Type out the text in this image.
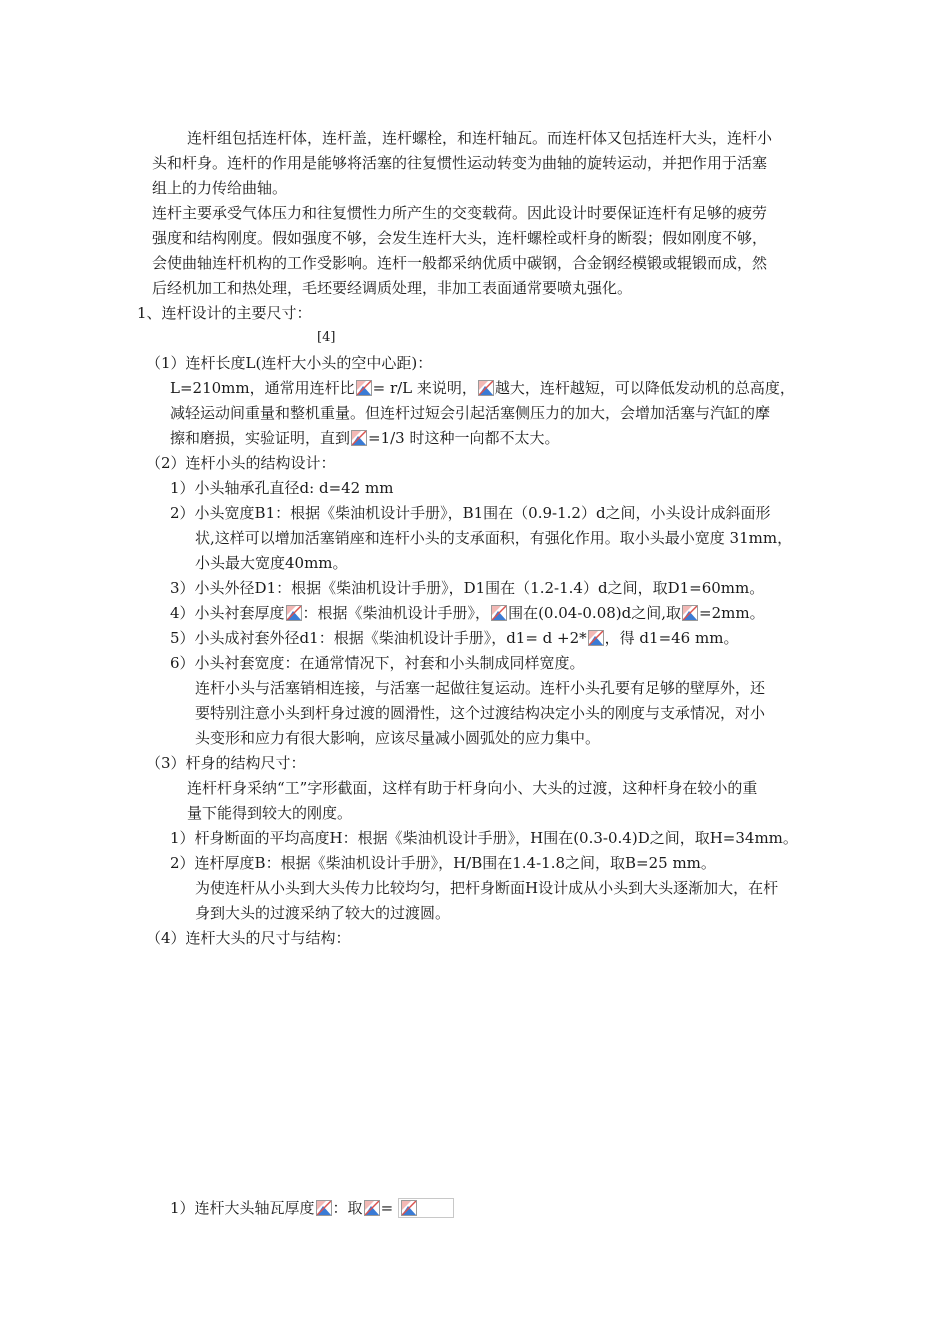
连杆组包括连杆体，连杆盖，连杆螺栓，和连杆轴瓦。而连杆体又包括连杆大头，连杆小
头和杆身。连杆的作用是能够将活塞的往复惯性运动转变为曲轴的旋转运动，并把作用于活塞
组上的力传给曲轴。
连杆主要承受气体压力和往复惯性力所产生的交变载荷。因此设计时要保证连杆有足够的疲劳
强度和结构刚度。假如强度不够，会发生连杆大头，连杆螺栓或杆身的断裂；假如刚度不够，
会使曲轴连杆机构的工作受影响。连杆一般都采纳优质中碳钢，合金钢经模锻或辊锻而成，然
后经机加工和热处理，毛坯要经调质处理，非加工表面通常要喷丸强化。
1、连杆设计的主要尺寸：
[4]
（1）连杆长度L(连杆大小头的空中心距)：
L=210mm，通常用连杆比 = r/L 来说明， 越大，连杆越短，可以降低发动机的总高度，
减轻运动间重量和整机重量。但连杆过短会引起活塞侧压力的加大，会增加活塞与汽缸的摩
擦和磨损，实验证明，直到 =1/3 时这种一向都不太大。
（2）连杆小头的结构设计：
1）小头轴承孔直径d: d=42 mm
2）小头宽度B1：根据《柴油机设计手册》，B1围在（0.9-1.2）d之间，小头设计成斜面形
状,这样可以增加活塞销座和连杆小头的支承面积，有强化作用。取小头最小宽度 31mm，
小头最大宽度40mm。
3）小头外径D1：根据《柴油机设计手册》，D1围在（1.2-1.4）d之间，取D1=60mm。
4）小头衬套厚度 ：根据《柴油机设计手册》， 围在(0.04-0.08)d之间,取 =2mm。
5）小头成衬套外径d1：根据《柴油机设计手册》，d1= d +2* ，得 d1=46 mm。
6）小头衬套宽度：在通常情况下，衬套和小头制成同样宽度。
连杆小头与活塞销相连接，与活塞一起做往复运动。连杆小头孔要有足够的壁厚外，还
要特别注意小头到杆身过渡的圆滑性，这个过渡结构决定小头的刚度与支承情况，对小
头变形和应力有很大影响，应该尽量减小圆弧处的应力集中。
（3）杆身的结构尺寸：
连杆杆身采纳“工”字形截面，这样有助于杆身向小、大头的过渡，这种杆身在较小的重
量下能得到较大的刚度。
1）杆身断面的平均高度H：根据《柴油机设计手册》，H围在(0.3-0.4)D之间，取H=34mm。
2）连杆厚度B：根据《柴油机设计手册》，H/B围在1.4-1.8之间，取B=25 mm。
为使连杆从小头到大头传力比较均匀，把杆身断面H设计成从小头到大头逐渐加大，在杆
身到大头的过渡采纳了较大的过渡圆。
（4）连杆大头的尺寸与结构：
1）连杆大头轴瓦厚度 ：取 =
